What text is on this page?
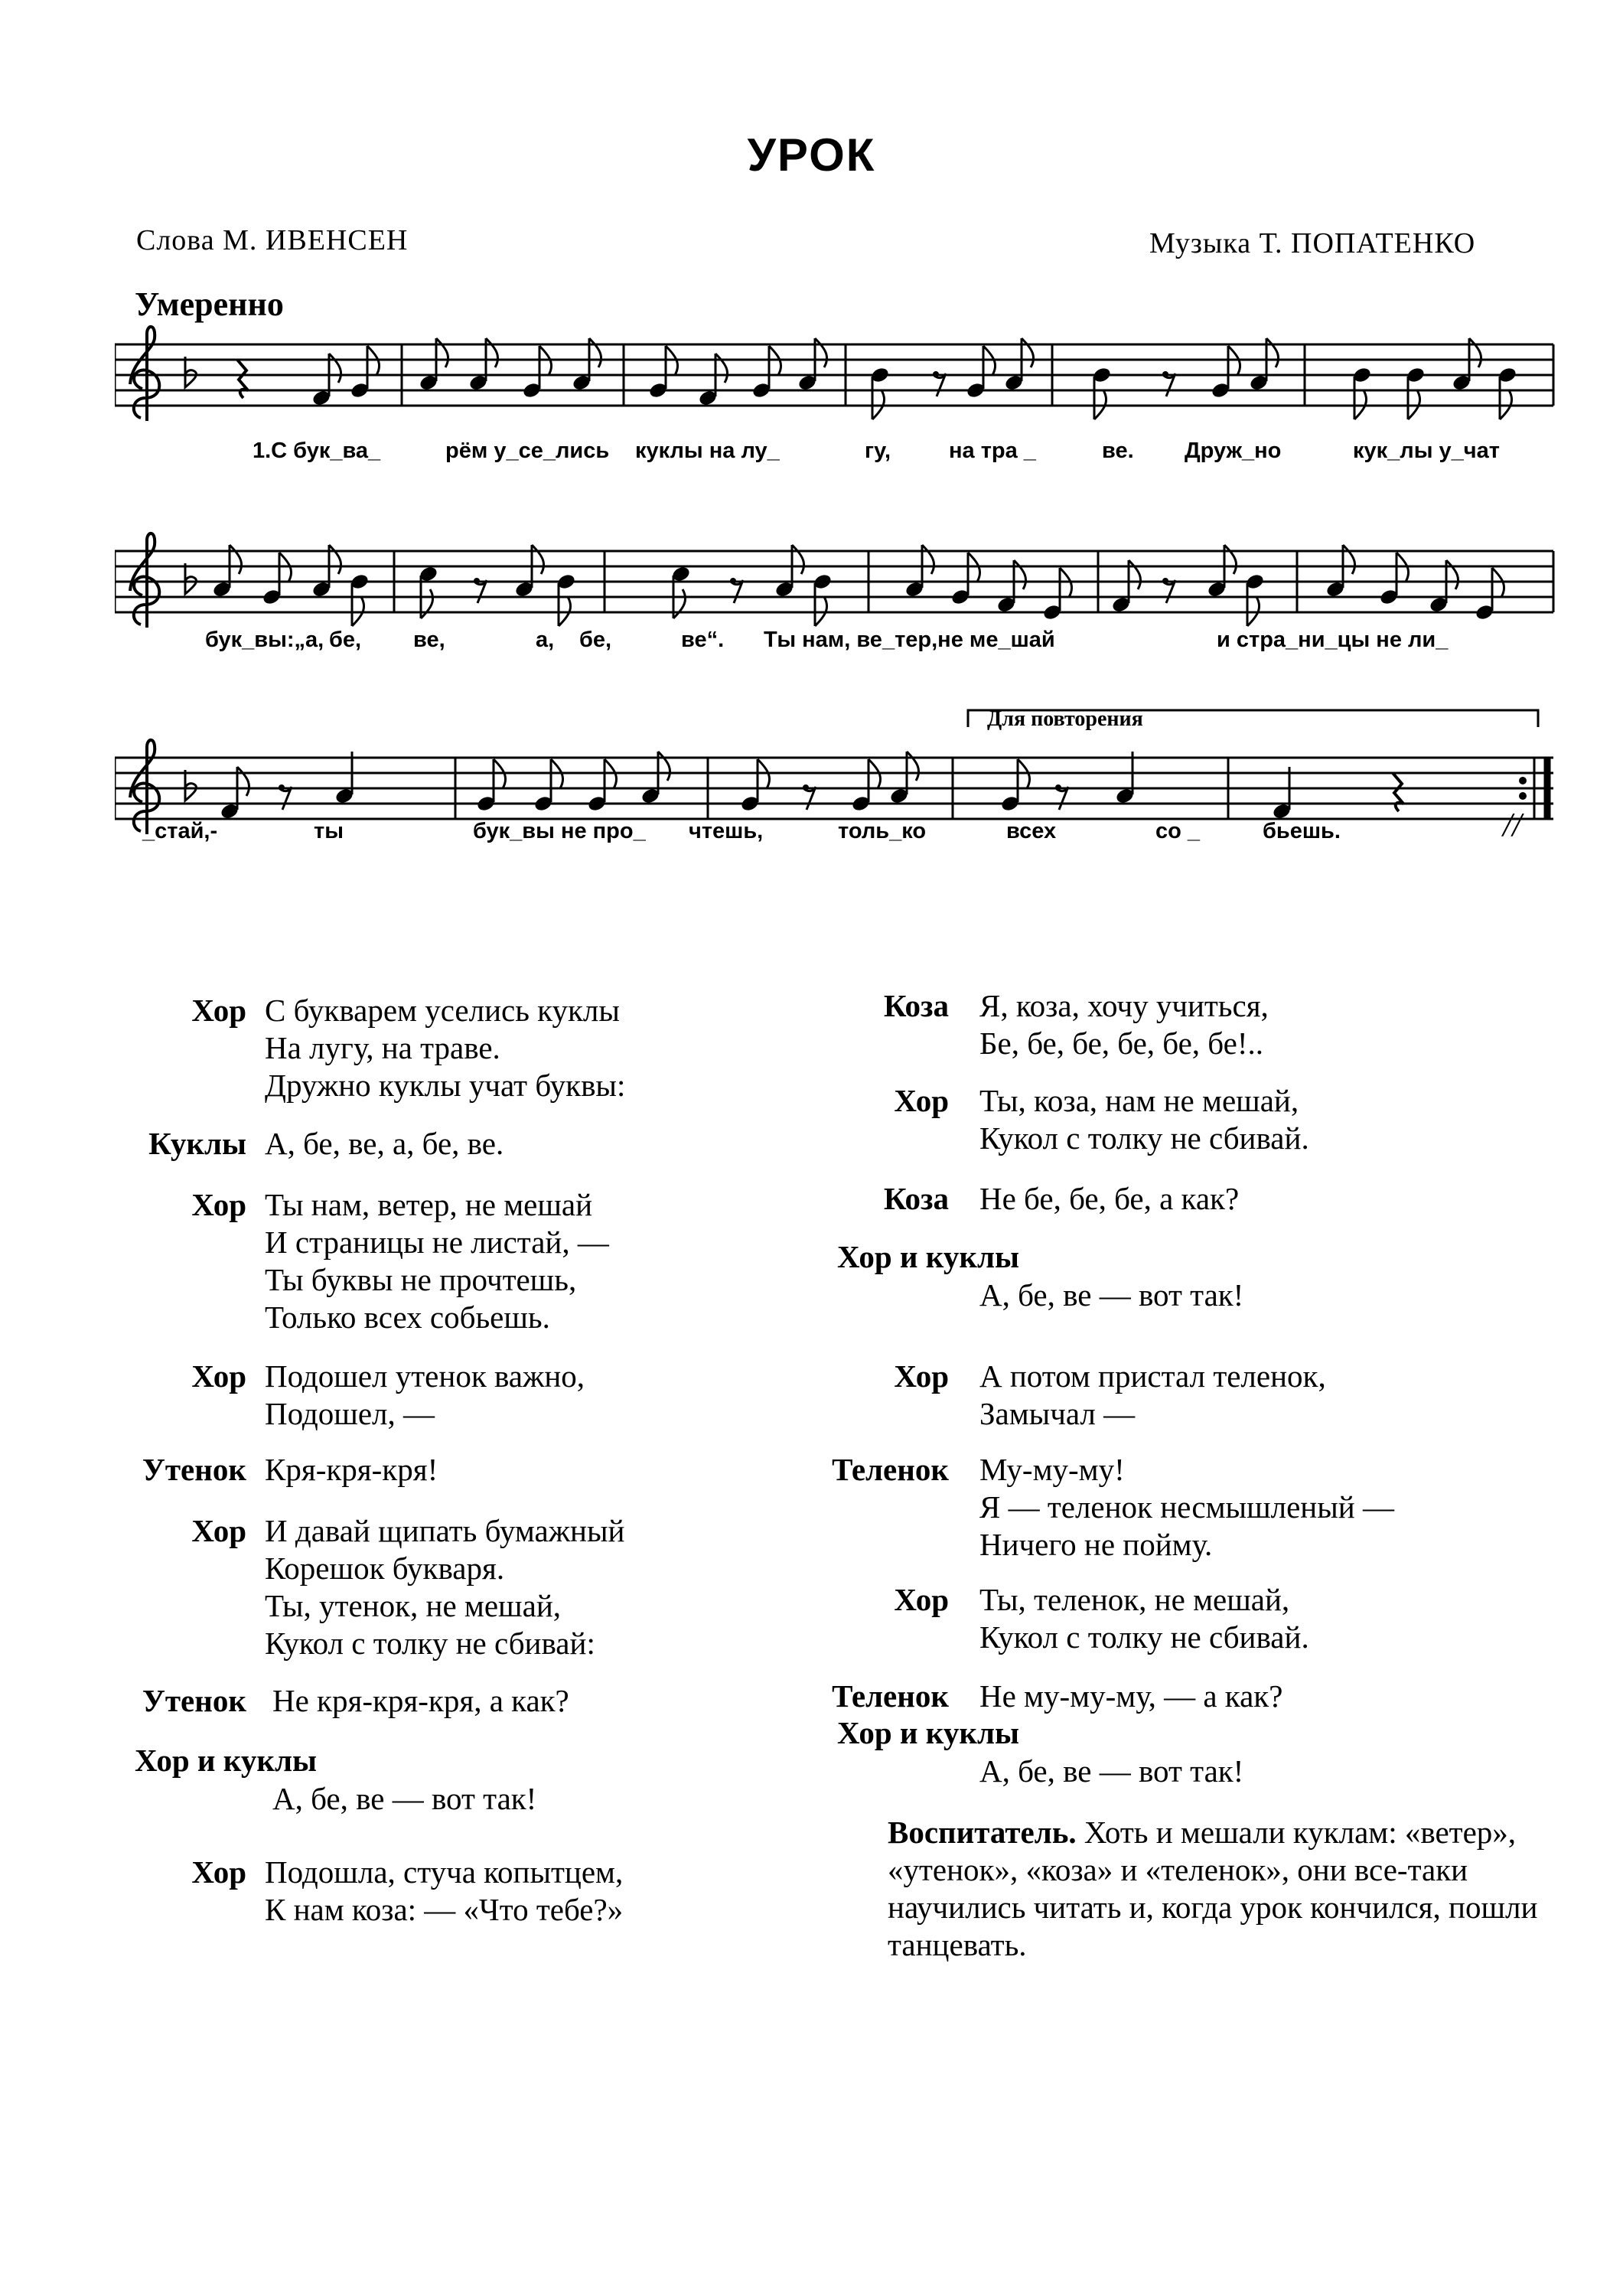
УРОК
Слова М. ИВЕНСЕН	Музыка Т. ПОПАТЕНКО
Умеренно
Для повторения
1.С бук_ва_	рём у_се_лись куклы на лу_	гу,	на тра _	ве. Друж_но	кук_лы у_чат
бук_вы:„а, бе, ве,	а, бе,	ве“. Ты нам, ве_тер,не ме_шай	и стра_ни_цы не ли_
_стай,-	ты	бук_вы не про_ чтешь,	толь_ко	всех	со _	бьешь.	//
Хор С букварем уселись куклы
На лугу, на траве.
Дружно куклы учат буквы:
Куклы А, бе, ве, а, бе, ве.
Хор Ты нам, ветер, не мешай
И страницы не листай, —
Ты буквы не прочтешь,
Только всех собьешь.
Хор Подошел утенок важно,
Подошел, —
Утенок Кря-кря-кря!
Хор И давай щипать бумажный
Корешок букваря.
Ты, утенок, не мешай,
Кукол с толку не сбивай:
Утенок Не кря-кря-кря, а как?
Хор и куклы
А, бе, ве — вот так!
Хор Подошла, стуча копытцем,
К нам коза: — «Что тебе?»
Коза Я, коза, хочу учиться,
Бе, бе, бе, бе, бе, бе!..
Хор Ты, коза, нам не мешай,
Кукол с толку не сбивай.
Коза Не бе, бе, бе, а как?
Хор и куклы
А, бе, ве — вот так!
Хор А потом пристал теленок,
Замычал —
Теленок Му-му-му!
Я — теленок несмышленый —
Ничего не пойму.
Хор Ты, теленок, не мешай,
Кукол с толку не сбивай.
Теленок Не му-му-му, — а как?
Хор и куклы
А, бе, ве — вот так!
Воспитатель. Хоть и мешали куклам: «ветер», «утенок», «коза» и «теленок», они все-таки научились читать и, когда урок кончился, пошли танцевать.
